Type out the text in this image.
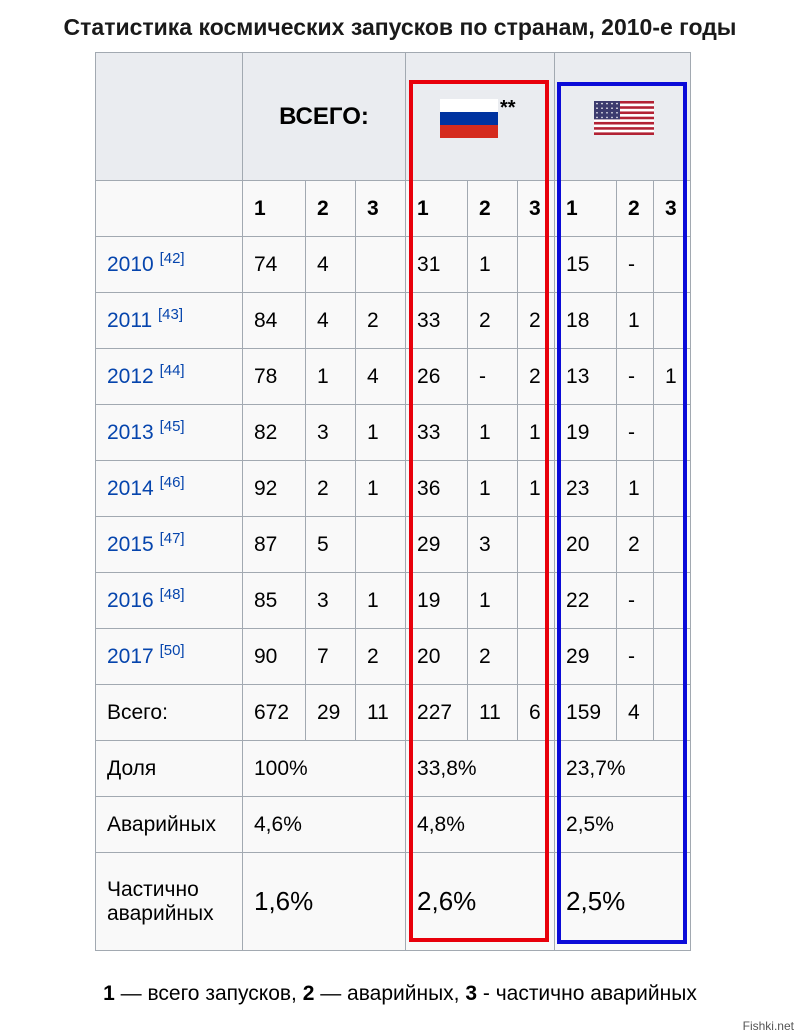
Статистика космических запусков по странам, 2010-е годы
	ВСЕГО:			**

	1	2	3	1	2	3	1	2	3
2010 [42]	74	4		31	1		15	-	
2011 [43]	84	4	2	33	2	2	18	1	
2012 [44]	78	1	4	26	-	2	13	-	1
2013 [45]	82	3	1	33	1	1	19	-	
2014 [46]	92	2	1	36	1	1	23	1	
2015 [47]	87	5		29	3		20	2	
2016 [48]	85	3	1	19	1		22	-	
2017 [50]	90	7	2	20	2		29	-	
Всего:	672	29	11	227	11	6	159	4	
Доля	100%			33,8%			23,7%		
Аварийных	4,6%			4,8%			2,5%		
Частично
аварийных	1,6%			2,6%			2,5%		
1 — всего запусков, 2 — аварийных, 3 - частично аварийных
Fishki.net
